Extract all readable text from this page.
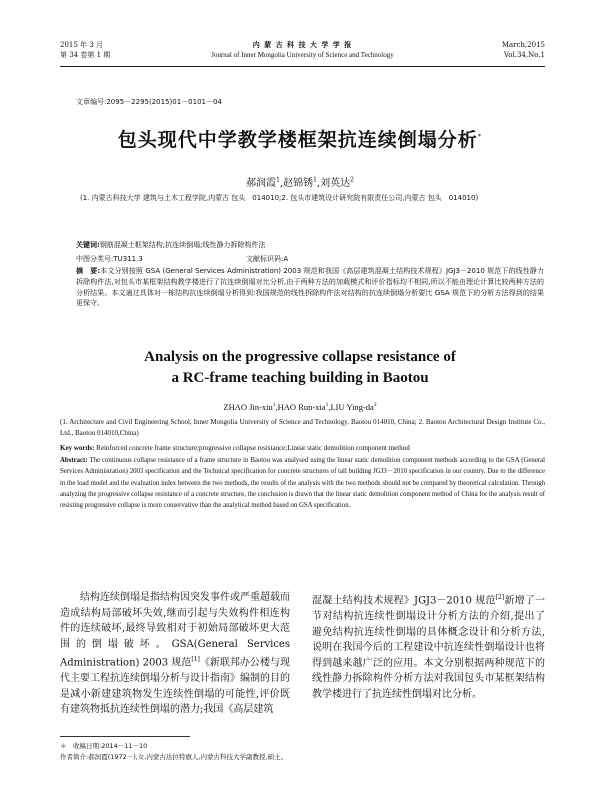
2015 年 3 月
第 34 卷第 1 期
内 蒙 古 科 技 大 学 学 报
Journal of Inner Mongolia University of Science and Technology
March,2015
Vol.34,No.1
文章编号:2095－2295(2015)01－0101－04
包头现代中学教学楼框架抗连续倒塌分析*
郝润霞$^1$,赵锦锈$^1$,刘英达$^2$
(1. 内蒙古科技大学 建筑与土木工程学院,内蒙古 包头　014010;2. 包头市建筑设计研究院有限责任公司,内蒙古 包头　014010)
关键词:钢筋混凝土框架结构;抗连续倒塌;线性静力拆除构件法
中图分类号:TU311.3	文献标识码:A
摘　要:本文分别按照 GSA (General Services Administration) 2003 规范和我国《高层建筑混凝土结构技术规程》JGJ3－2010 规范下的线性静力拆除构件法,对包头市某框架结构教学楼进行了抗连续倒塌对比分析,由于两种方法的加载模式和评价指标均不相同,所以不能由理论计算比较两种方法的分析结果。本文通过具体对一栋结构抗连续倒塌分析得到:我国规范的线性拆除构件法对结构的抗连续倒塌分析要比 GSA 规范下的分析方法得到的结果更保守。
Analysis on the progressive collapse resistance of
a RC-frame teaching building in Baotou
ZHAO Jin-xiu$^1$,HAO Run-xia$^1$,LIU Ying-$da^2$
(1. Architecture and Civil Engineering School, Inner Mongolia University of Science and Technology, Baotou 014010, China; 2. Baotou Architectural Design Institute Co., Ltd., Baotou 014010,China)
Key words: Reinforced concrete frame structure;progressive collapse resistance;Linear static demolition component method
Abstract: The continuous collapse resistance of a frame structure in Baotou was analysed using the linear static demolition component methods according to the GSA (General Services Administration) 2003 specification and the Technical specification for concrete structures of tall building JGJ3－2010 specification in our country. Due to the difference in the load model and the evaluation index between the two methods, the results of the analysis with the two methods should not be compared by theoretical calculation. Through analyzing the progressive collapse resistance of a concrete structure, the conclusion is drawn that the linear static demolition component method of China for the analysis result of resisting progressive collapse is more conservative than the analytical method based on GSA specification.
结构连续倒塌是指结构因突发事件或严重超载而造成结构局部破坏失效,继而引起与失效构件相连构件的连续破坏,最终导致相对于初始局部破坏更大范围的倒塌破坏。GSA(General Services Administration) 2003 规范[1]《新联邦办公楼与现代主要工程抗连续倒塌分析与设计指南》编制的目的是减小新建建筑物发生连续性倒塌的可能性,评价既有建筑物抵抗连续性倒塌的潜力;我国《高层建筑
混凝土结构技术规程》JGJ3－2010 规范[2]新增了一节对结构抗连续性倒塌设计分析方法的介绍,提出了避免结构抗连续性倒塌的具体概念设计和分析方法,说明在我国今后的工程建设中抗连续性倒塌设计也将得到越来越广泛的应用。本文分别根据两种规范下的线性静力拆除构件分析方法对我国包头市某框架结构教学楼进行了抗连续性倒塌对比分析。
＊　收稿日期:2014－11－10
作者简介:郝润霞(1972－),女,内蒙古达拉特旗人,内蒙古科技大学副教授,硕士。
